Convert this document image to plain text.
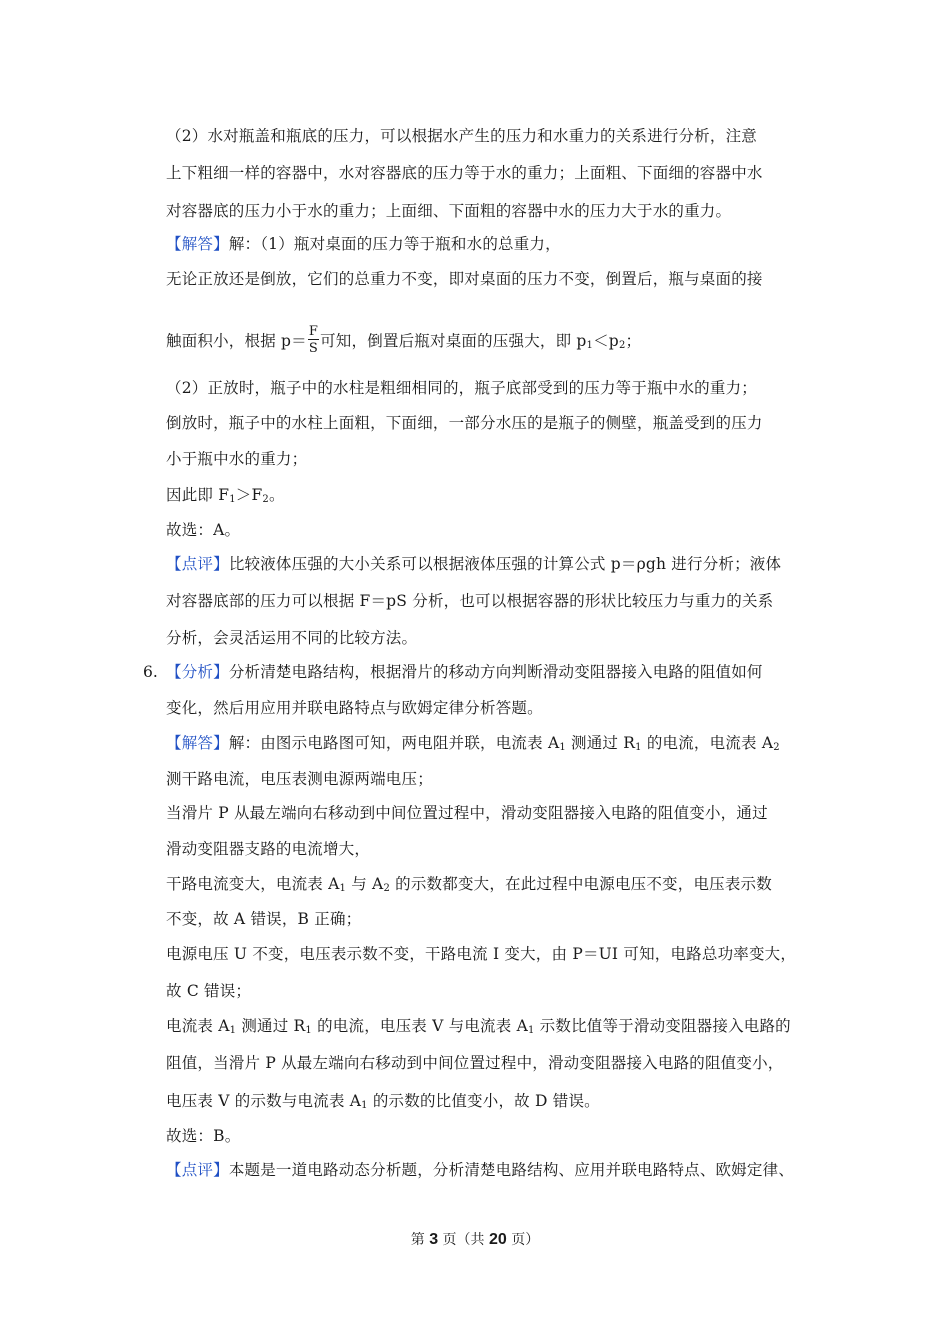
（2）水对瓶盖和瓶底的压力，可以根据水产生的压力和水重力的关系进行分析，注意
上下粗细一样的容器中，水对容器底的压力等于水的重力；上面粗、下面细的容器中水
对容器底的压力小于水的重力；上面细、下面粗的容器中水的压力大于水的重力。
【解答】解：（1）瓶对桌面的压力等于瓶和水的总重力，
无论正放还是倒放，它们的总重力不变，即对桌面的压力不变，倒置后，瓶与桌面的接
触面积小，根据 $p= \frac{F}{S}$ 可知，倒置后瓶对桌面的压强大，即 $p_1<p_2$；
（2）正放时，瓶子中的水柱是粗细相同的，瓶子底部受到的压力等于瓶中水的重力；
倒放时，瓶子中的水柱上面粗，下面细，一部分水压的是瓶子的侧壁，瓶盖受到的压力
小于瓶中水的重力；
因此即 $F_1>F_2$。
故选：A。
【点评】比较液体压强的大小关系可以根据液体压强的计算公式 p＝ρgh 进行分析；液体
对容器底部的压力可以根据 F＝pS 分析，也可以根据容器的形状比较压力与重力的关系
分析，会灵活运用不同的比较方法。
6. 【分析】分析清楚电路结构，根据滑片的移动方向判断滑动变阻器接入电路的阻值如何
变化，然后用应用并联电路特点与欧姆定律分析答题。
【解答】解：由图示电路图可知，两电阻并联，电流表 $A_1$ 测通过 $R_1$ 的电流，电流表 $A_2$
测干路电流，电压表测电源两端电压；
当滑片 P 从最左端向右移动到中间位置过程中，滑动变阻器接入电路的阻值变小，通过
滑动变阻器支路的电流增大，
干路电流变大，电流表 $A_1$ 与 $A_2$ 的示数都变大，在此过程中电源电压不变，电压表示数
不变，故 A 错误，B 正确；
电源电压 U 不变，电压表示数不变，干路电流 I 变大，由 P＝UI 可知，电路总功率变大，
故 C 错误；
电流表 $A_1$ 测通过 $R_1$ 的电流，电压表 V 与电流表 $A_1$ 示数比值等于滑动变阻器接入电路的
阻值，当滑片 P 从最左端向右移动到中间位置过程中，滑动变阻器接入电路的阻值变小，
电压表 V 的示数与电流表 $A_1$ 的示数的比值变小，故 D 错误。
故选：B。
【点评】本题是一道电路动态分析题，分析清楚电路结构、应用并联电路特点、欧姆定律、
第 3 页（共 20 页）
